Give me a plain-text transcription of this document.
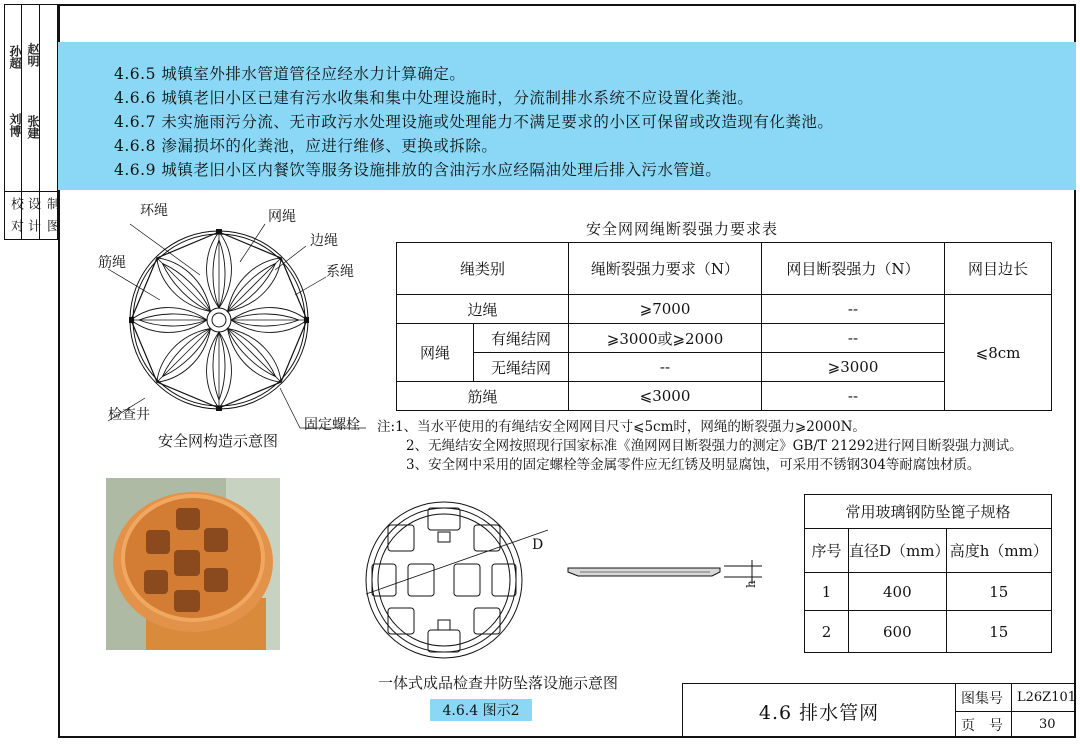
孙超 赵明
刘博 张建
校
对
设
计
制
图
4.6.5 城镇室外排水管道管径应经水力计算确定。
4.6.6 城镇老旧小区已建有污水收集和集中处理设施时，分流制排水系统不应设置化粪池。
4.6.7 未实施雨污分流、无市政污水处理设施或处理能力不满足要求的小区可保留或改造现有化粪池。
4.6.8 渗漏损坏的化粪池，应进行维修、更换或拆除。
4.6.9 城镇老旧小区内餐饮等服务设施排放的含油污水应经隔油处理后排入污水管道。
D
h
环绳	网绳
边绳
系绳
筋绳
检查井
固定螺栓
安全网构造示意图
安全网网绳断裂强力要求表
绳类别		绳断裂强力要求（N）	网目断裂强力（N）	网目边长
边绳		⩾7000	--	⩽8cm
网绳	有绳结网	⩾3000或⩾2000	--	
	无绳结网	--	⩾3000	
筋绳		⩽3000	--	
注:1、当水平使用的有绳结安全网网目尺寸⩽5cm时，网绳的断裂强力⩾2000N。
2、无绳结安全网按照现行国家标准《渔网网目断裂强力的测定》GB/T 21292进行网目断裂强力测试。
3、安全网中采用的固定螺栓等金属零件应无红锈及明显腐蚀，可采用不锈钢304等耐腐蚀材质。
一体式成品检查井防坠落设施示意图
4.6.4 图示2
常用玻璃钢防坠篦子规格		
序号	直径D（mm）	高度h（mm）
1	400	15
2	600	15
4.6 排水管网
图集号 L26Z101
页　号	30
